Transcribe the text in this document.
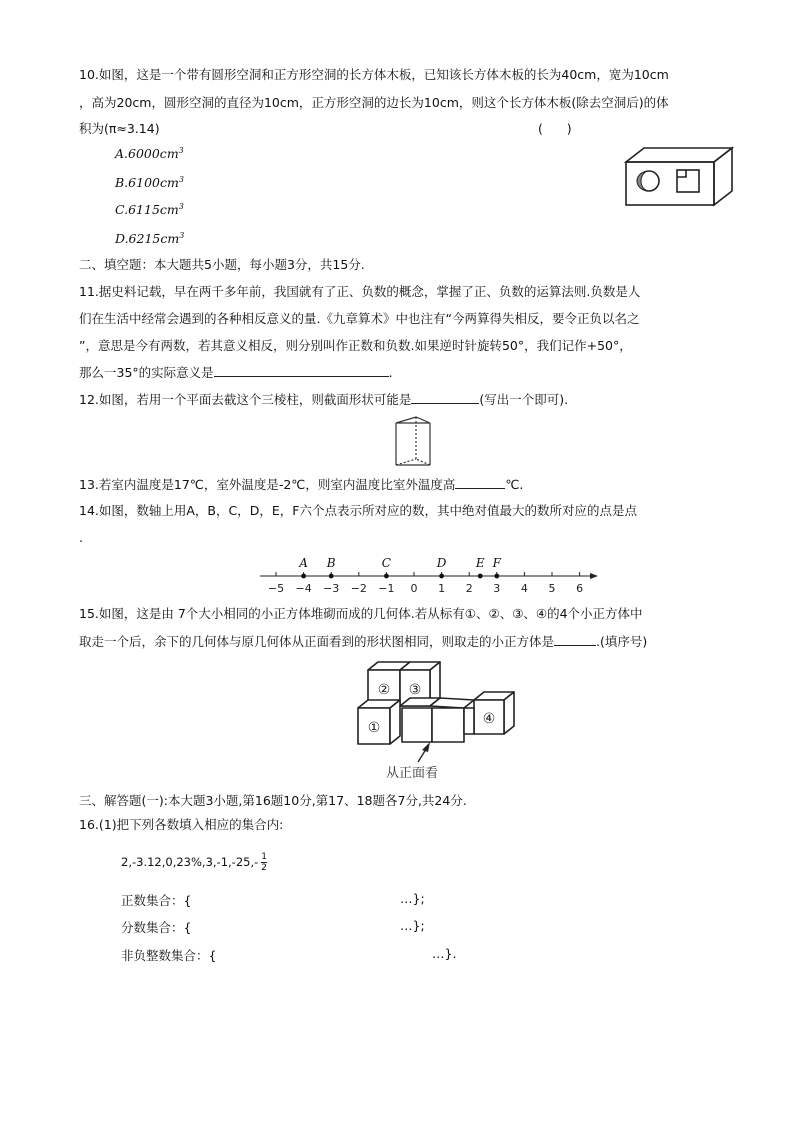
10.如图，这是一个带有圆形空洞和正方形空洞的长方体木板，已知该长方体木板的长为40cm，宽为10cm
，高为20cm，圆形空洞的直径为10cm，正方形空洞的边长为10cm，则这个长方体木板(除去空洞后)的体
积为(π≈3.14)	(      )
$A.6000cm^3$
$B.6100cm^3$
$C.6115cm^3$
$D.6215cm^3$
二、填空题：本大题共5小题，每小题3分，共15分.
11.据史料记载，早在两千多年前，我国就有了正、负数的概念，掌握了正、负数的运算法则.负数是人
们在生活中经常会遇到的各种相反意义的量.《九章算术》中也注有“今两算得失相反，要令正负以名之
”，意思是今有两数，若其意义相反，则分别叫作正数和负数.如果逆时针旋转50°，我们记作+50°，
那么一35°的实际意义是	.
12.如图，若用一个平面去截这个三棱柱，则截面形状可能是	(写出一个即可).
13.若室内温度是17℃，室外温度是-2℃，则室内温度比室外温度高	℃.
14.如图，数轴上用A，B，C，D，E，F六个点表示所对应的数，其中绝对值最大的数所对应的点是点
.
−5 −4 −3 −2 −1 0 1 2 3 4 5 6
A B	C	D E F
15.如图，这是由 7个大小相同的小正方体堆砌而成的几何体.若从标有①、②、③、④的4个小正方体中
取走一个后，余下的几何体与原几何体从正面看到的形状图相同，则取走的小正方体是	.(填序号)
①
② ③
④
从正面看
三、解答题(一):本大题3小题,第16题10分,第17、18题各7分,共24分.
16.(1)把下列各数填入相应的集合内:
$2,-3.12,0,23\%,3,-1,-25,- \frac{1}{2}$
正数集合：{	…};
分数集合：{	…};
非负整数集合：{	…}.
